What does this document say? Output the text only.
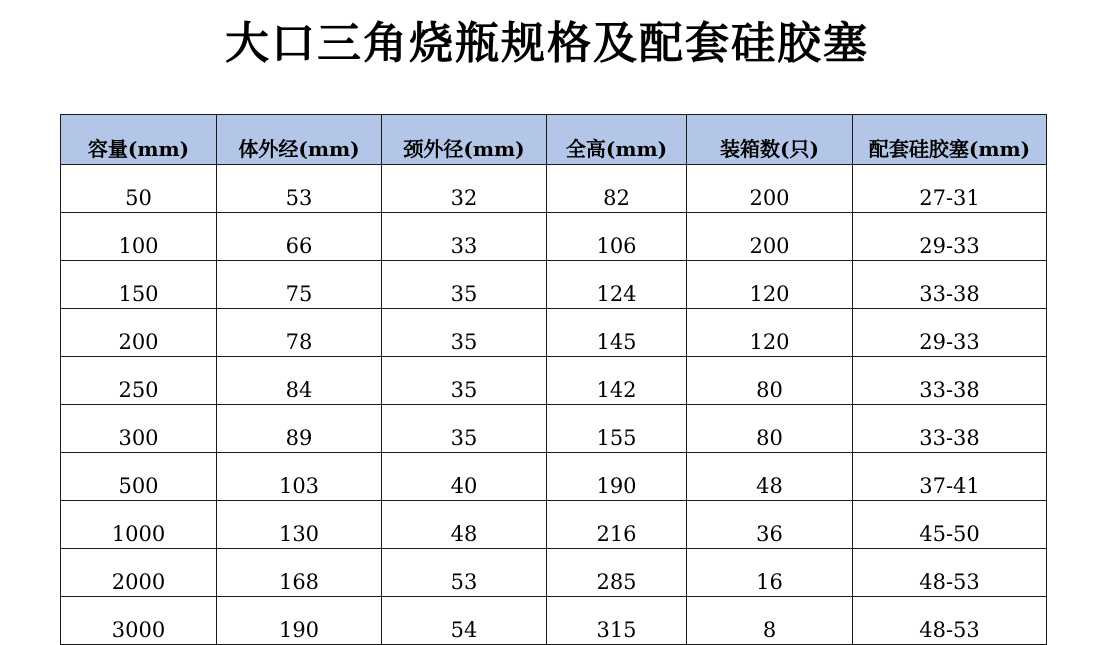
大口三角烧瓶规格及配套硅胶塞
容量(mm)	体外经(mm)	颈外径(mm)	全高(mm)	装箱数(只)	配套硅胶塞(mm)
50	53	32	82	200	27-31
100	66	33	106	200	29-33
150	75	35	124	120	33-38
200	78	35	145	120	29-33
250	84	35	142	80	33-38
300	89	35	155	80	33-38
500	103	40	190	48	37-41
1000	130	48	216	36	45-50
2000	168	53	285	16	48-53
3000	190	54	315	8	48-53
